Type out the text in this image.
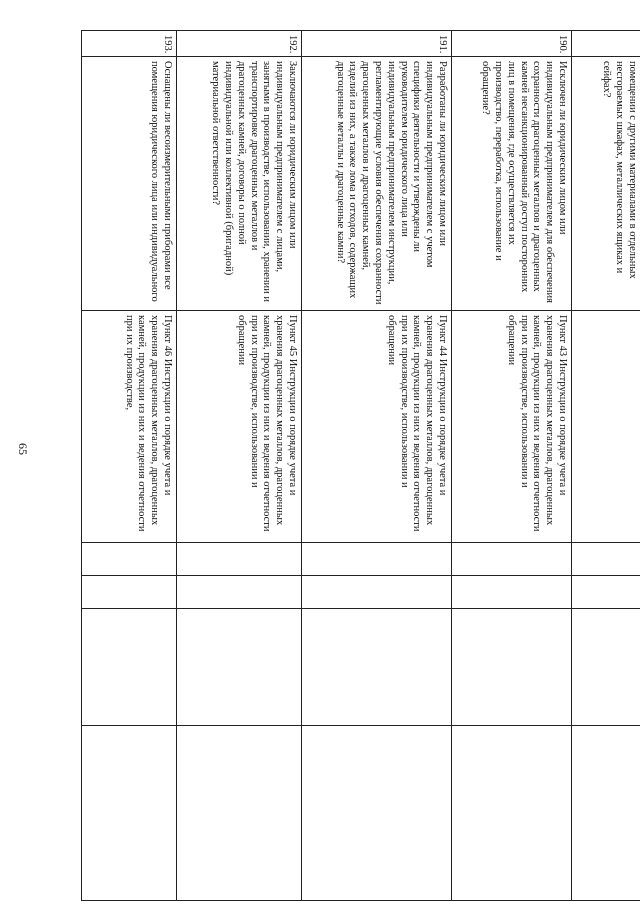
65
	помещении с другими материалами в отдельных несгораемых шкафах, металлических ящиках и сейфах?					
190.	Исключен ли юридическим лицом или индивидуальным предпринимателем для обеспечения сохранности драгоценных металлов и драгоценных камней несанкционированный доступ посторонних лиц в помещения, где осуществляется их производство, переработка, использование и обращение?	Пункт 43 Инструкции о порядке учета и хранения драгоценных металлов, драгоценных камней, продукции из них и ведения отчетности при их производстве, использовании и обращении				
191.	Разработаны ли юридическим лицом или индивидуальным предпринимателем с учетом специфики деятельности и утверждены ли руководителем юридического лица или индивидуальным предпринимателем инструкции, регламентирующие условия обеспечения сохранности драгоценных металлов и драгоценных камней, изделий из них, а также лома и отходов, содержащих драгоценные металлы и драгоценные камни?	Пункт 44 Инструкции о порядке учета и хранения драгоценных металлов, драгоценных камней, продукции из них и ведения отчетности при их производстве, использовании и обращении				
192.	Заключаются ли юридическим лицом или индивидуальным предпринимателем с лицами, занятыми в производстве, использовании, хранении и транспортировке драгоценных металлов и драгоценных камней, договоры о полной индивидуальной или коллективной (бригадной) материальной ответственности?	Пункт 45 Инструкции о порядке учета и хранения драгоценных металлов, драгоценных камней, продукции из них и ведения отчетности при их производстве, использовании и обращении				
193.	Оснащены ли весоизмерительными приборами все помещения юридического лица или индивидуального	Пункт 46 Инструкции о порядке учета и хранения драгоценных металлов, драгоценных камней, продукции из них и ведения отчетности при их производстве,				
